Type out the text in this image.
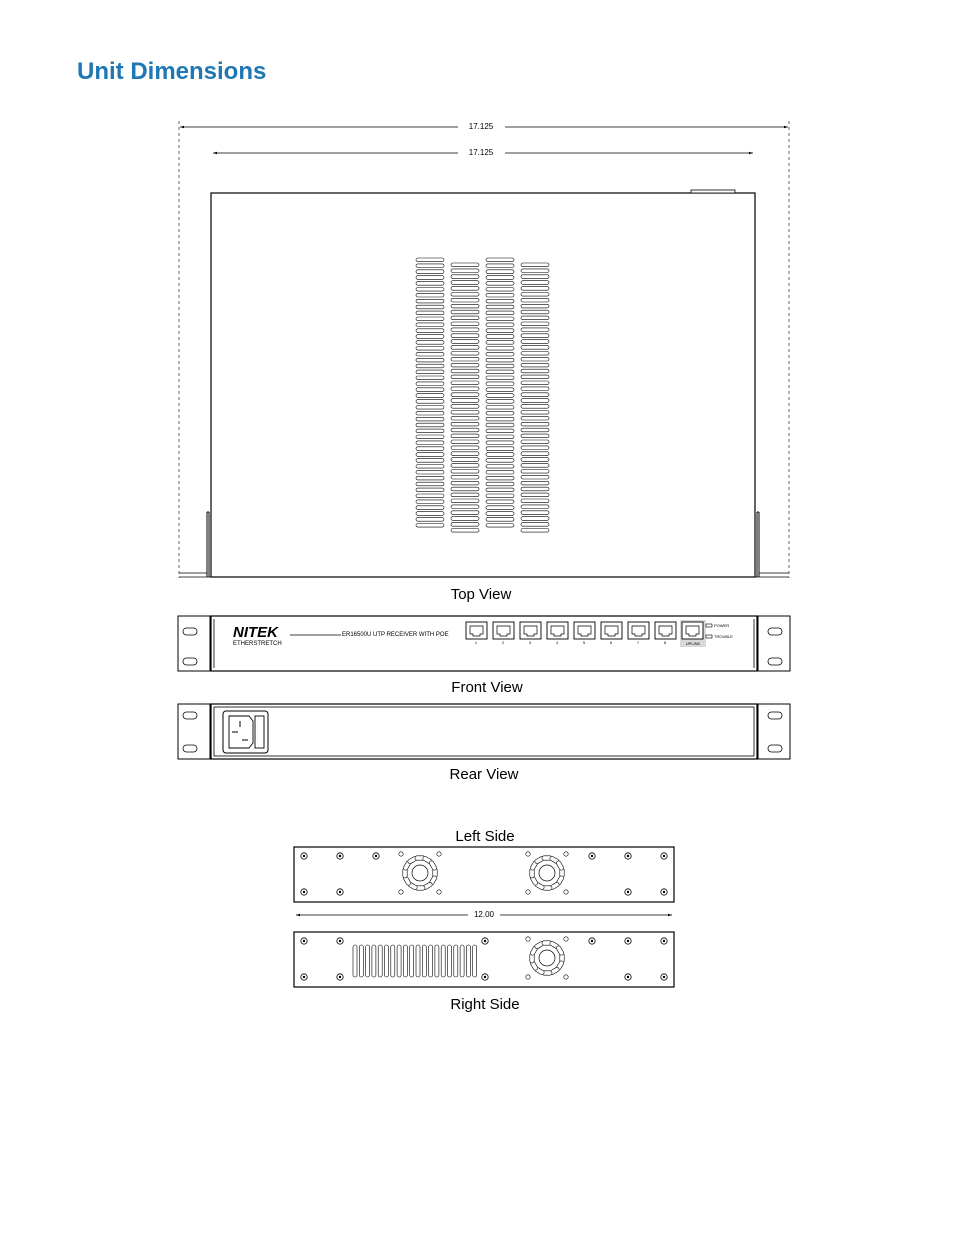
Unit Dimensions
17.125
17.125
Top View
NITEK
ETHERSTRETCH
ER16500U UTP RECEIVER WITH POE
1	2	3	4	5	6	7	8	UPLINK
POWER
TROUBLE
Front View
Rear View
Left Side
12.00
Right Side
